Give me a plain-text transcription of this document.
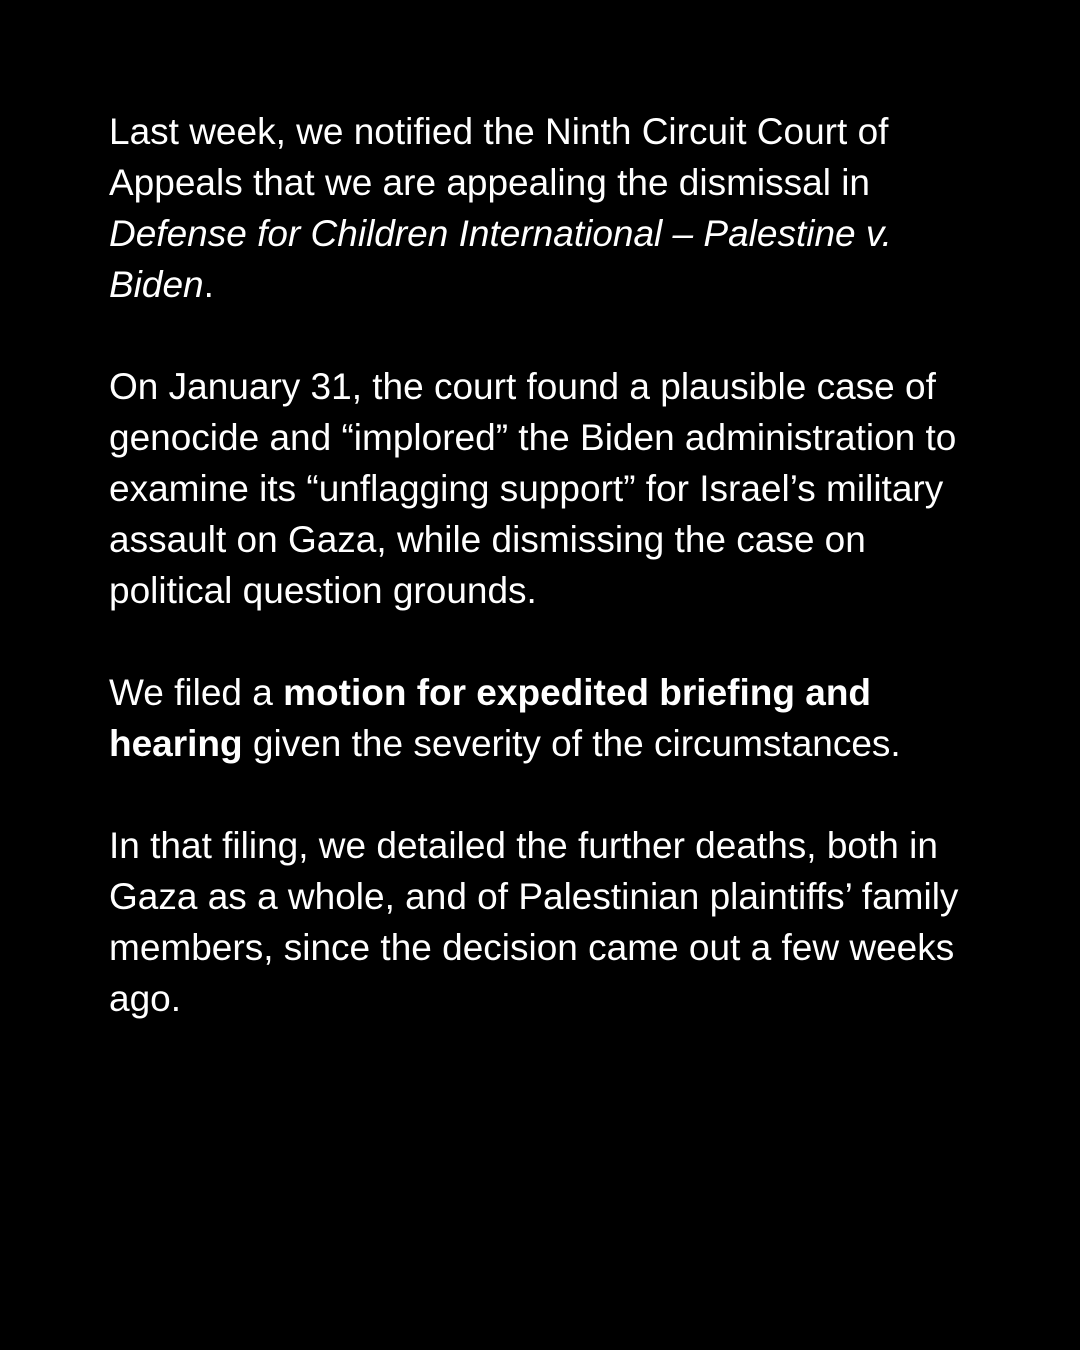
Last week, we notified the Ninth Circuit Court of Appeals that we are appealing the dismissal in Defense for Children International – Palestine v. Biden.

On January 31, the court found a plausible case of genocide and “implored” the Biden administration to examine its “unflagging support” for Israel’s military assault on Gaza, while dismissing the case on political question grounds.

We filed a motion for expedited briefing and hearing given the severity of the circumstances.

In that filing, we detailed the further deaths, both in Gaza as a whole, and of Palestinian plaintiffs’ family members, since the decision came out a few weeks ago.
